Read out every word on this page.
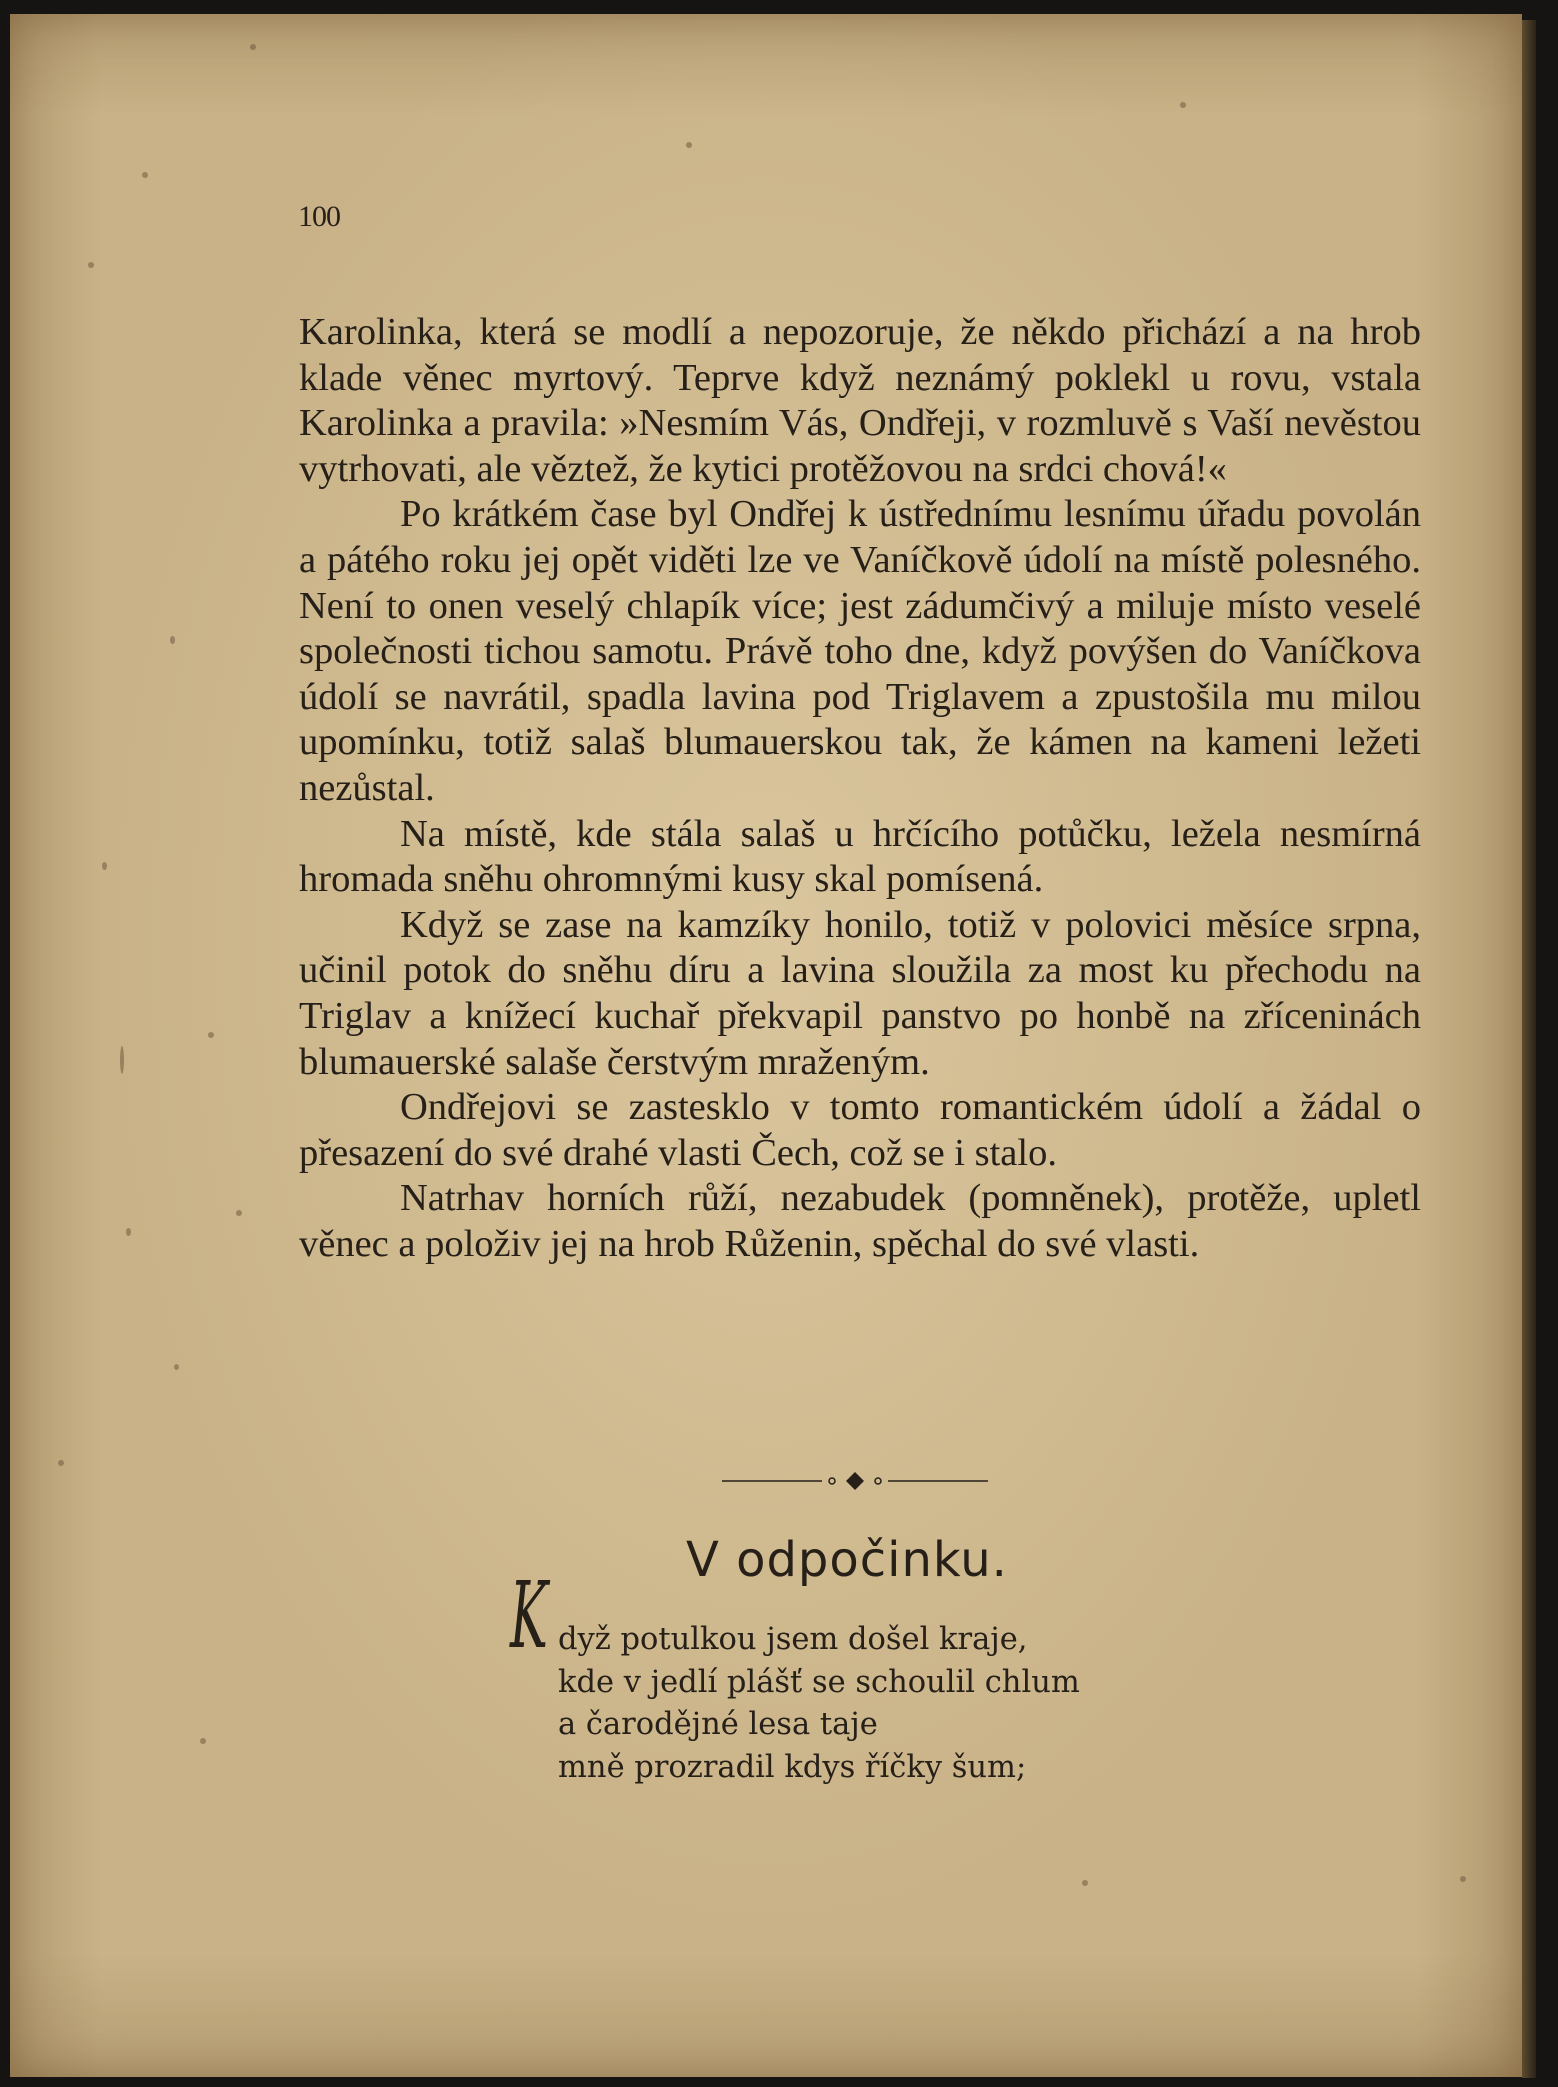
100

Karolinka, která se modlí a nepozoruje, že někdo přichází a na hrob klade věnec myrtový. Teprve když neznámý poklekl u rovu, vstala Karolinka a pravila: »Nesmím Vás, Ondřeji, v rozmluvě s Vaší nevěstou vytrhovati, ale věztež, že kytici protěžovou na srdci chová!«

Po krátkém čase byl Ondřej k ústřednímu lesnímu úřadu povolán a pátého roku jej opět viděti lze ve Vaníčkově údolí na místě polesného. Není to onen veselý chlapík více; jest zádumčivý a miluje místo veselé společnosti tichou samotu. Právě toho dne, když povýšen do Vaníčkova údolí se navrátil, spadla lavina pod Triglavem a zpustošila mu milou upomínku, totiž salaš blumauerskou tak, že kámen na kameni ležeti nezůstal.

Na místě, kde stála salaš u hrčícího potůčku, ležela nesmírná hromada sněhu ohromnými kusy skal pomísená.

Když se zase na kamzíky honilo, totiž v polovici měsíce srpna, učinil potok do sněhu díru a lavina sloužila za most ku přechodu na Triglav a knížecí kuchař překvapil panstvo po honbě na zříceninách blumauerské salaše čerstvým mraženým.

Ondřejovi se zastesklo v tomto romantickém údolí a žádal o přesazení do své drahé vlasti Čech, což se i stalo.

Natrhav horních růží, nezabudek (pomněnek), protěže, upletl věnec a položiv jej na hrob Růženin, spěchal do své vlasti.

V odpočinku.
K dyž potulkou jsem došel kraje,
kde v jedlí plášť se schoulil chlum
a čarodějné lesa taje
mně prozradil kdys říčky šum;
